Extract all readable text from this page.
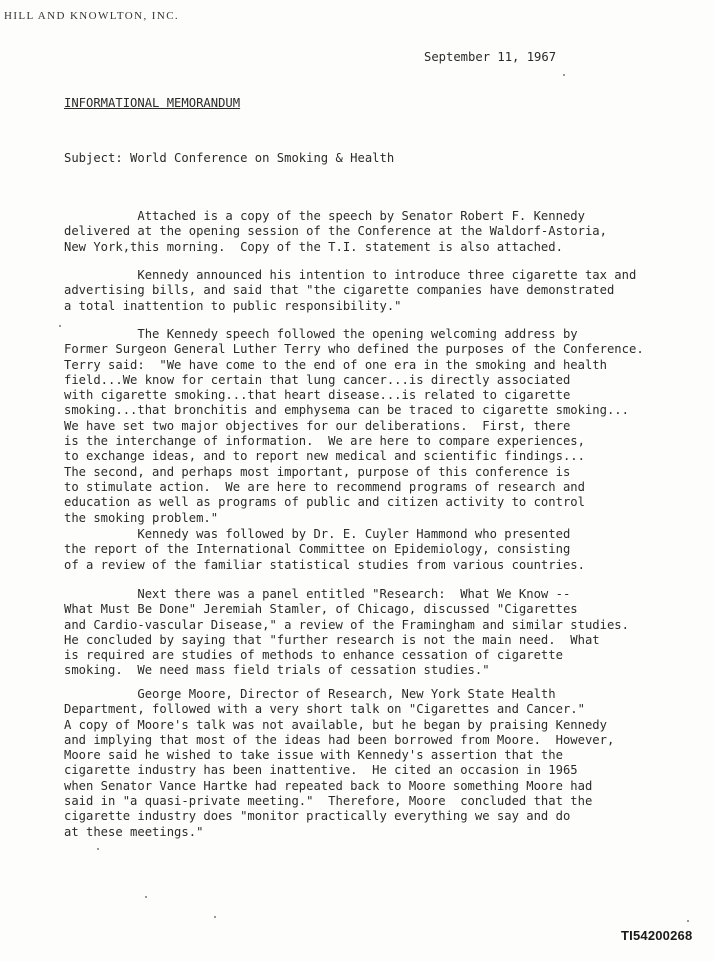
HILL AND KNOWLTON, INC.
September 11, 1967
INFORMATIONAL MEMORANDUM
Subject: World Conference on Smoking & Health

Attached is a copy of the speech by Senator Robert F. Kennedy
delivered at the opening session of the Conference at the Waldorf-Astoria,
New York,this morning.  Copy of the T.I. statement is also attached.

Kennedy announced his intention to introduce three cigarette tax and
advertising bills, and said that "the cigarette companies have demonstrated
a total inattention to public responsibility."

The Kennedy speech followed the opening welcoming address by
Former Surgeon General Luther Terry who defined the purposes of the Conference.
Terry said:  "We have come to the end of one era in the smoking and health
field...We know for certain that lung cancer...is directly associated
with cigarette smoking...that heart disease...is related to cigarette
smoking...that bronchitis and emphysema can be traced to cigarette smoking...
We have set two major objectives for our deliberations.  First, there
is the interchange of information.  We are here to compare experiences,
to exchange ideas, and to report new medical and scientific findings...
The second, and perhaps most important, purpose of this conference is
to stimulate action.  We are here to recommend programs of research and
education as well as programs of public and citizen activity to control
the smoking problem."

Kennedy was followed by Dr. E. Cuyler Hammond who presented
the report of the International Committee on Epidemiology, consisting
of a review of the familiar statistical studies from various countries.

Next there was a panel entitled "Research:  What We Know --
What Must Be Done" Jeremiah Stamler, of Chicago, discussed "Cigarettes
and Cardio-vascular Disease," a review of the Framingham and similar studies.
He concluded by saying that "further research is not the main need.  What
is required are studies of methods to enhance cessation of cigarette
smoking.  We need mass field trials of cessation studies."

George Moore, Director of Research, New York State Health
Department, followed with a very short talk on "Cigarettes and Cancer."
A copy of Moore's talk was not available, but he began by praising Kennedy
and implying that most of the ideas had been borrowed from Moore.  However,
Moore said he wished to take issue with Kennedy's assertion that the
cigarette industry has been inattentive.  He cited an occasion in 1965
when Senator Vance Hartke had repeated back to Moore something Moore had
said in "a quasi-private meeting."  Therefore, Moore  concluded that the
cigarette industry does "monitor practically everything we say and do
at these meetings."

TI54200268
